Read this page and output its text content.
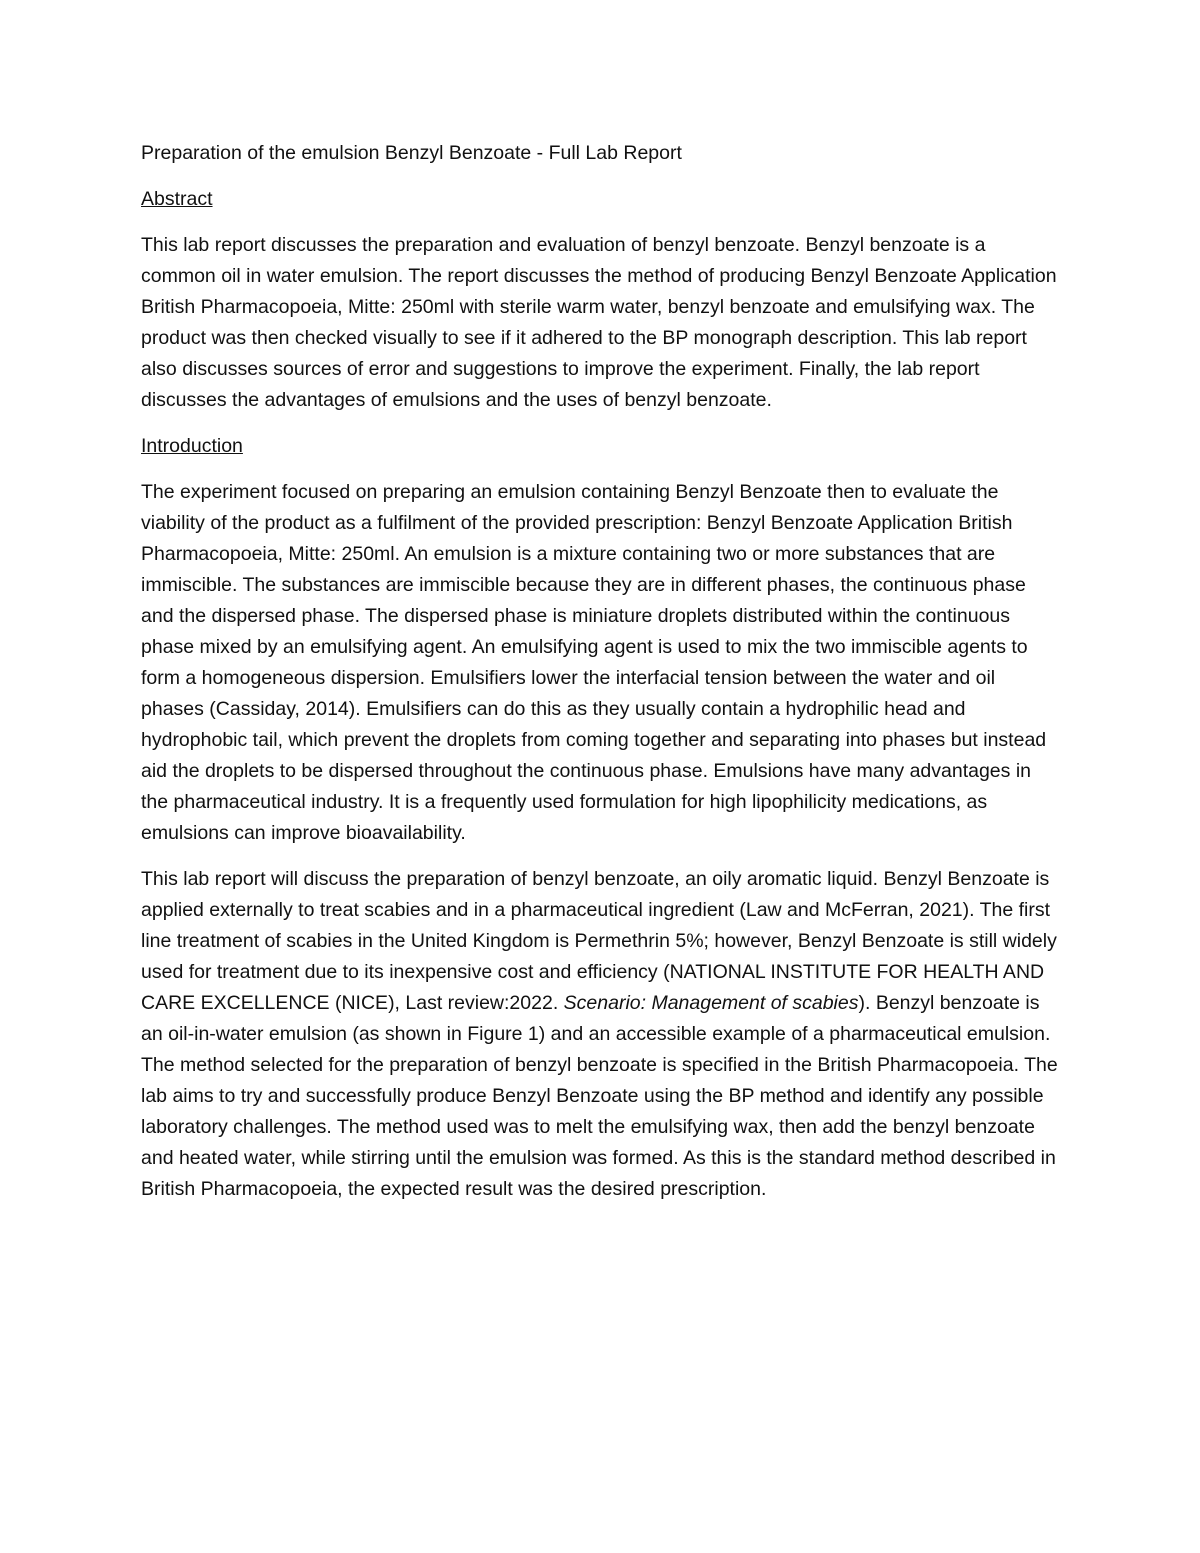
Preparation of the emulsion Benzyl Benzoate - Full Lab Report

Abstract

This lab report discusses the preparation and evaluation of benzyl benzoate. Benzyl benzoate is a common oil in water emulsion. The report discusses the method of producing Benzyl Benzoate Application British Pharmacopoeia, Mitte: 250ml with sterile warm water, benzyl benzoate and emulsifying wax. The product was then checked visually to see if it adhered to the BP monograph description. This lab report also discusses sources of error and suggestions to improve the experiment. Finally, the lab report discusses the advantages of emulsions and the uses of benzyl benzoate.

Introduction

The experiment focused on preparing an emulsion containing Benzyl Benzoate then to evaluate the viability of the product as a fulfilment of the provided prescription: Benzyl Benzoate Application British Pharmacopoeia, Mitte: 250ml. An emulsion is a mixture containing two or more substances that are immiscible. The substances are immiscible because they are in different phases, the continuous phase and the dispersed phase. The dispersed phase is miniature droplets distributed within the continuous phase mixed by an emulsifying agent. An emulsifying agent is used to mix the two immiscible agents to form a homogeneous dispersion. Emulsifiers lower the interfacial tension between the water and oil phases (Cassiday, 2014). Emulsifiers can do this as they usually contain a hydrophilic head and hydrophobic tail, which prevent the droplets from coming together and separating into phases but instead aid the droplets to be dispersed throughout the continuous phase. Emulsions have many advantages in the pharmaceutical industry. It is a frequently used formulation for high lipophilicity medications, as emulsions can improve bioavailability.

This lab report will discuss the preparation of benzyl benzoate, an oily aromatic liquid. Benzyl Benzoate is applied externally to treat scabies and in a pharmaceutical ingredient (Law and McFerran, 2021). The first line treatment of scabies in the United Kingdom is Permethrin 5%; however, Benzyl Benzoate is still widely used for treatment due to its inexpensive cost and efficiency (NATIONAL INSTITUTE FOR HEALTH AND CARE EXCELLENCE (NICE), Last review:2022. Scenario: Management of scabies). Benzyl benzoate is an oil-in-water emulsion (as shown in Figure 1) and an accessible example of a pharmaceutical emulsion. The method selected for the preparation of benzyl benzoate is specified in the British Pharmacopoeia. The lab aims to try and successfully produce Benzyl Benzoate using the BP method and identify any possible laboratory challenges. The method used was to melt the emulsifying wax, then add the benzyl benzoate and heated water, while stirring until the emulsion was formed. As this is the standard method described in British Pharmacopoeia, the expected result was the desired prescription.
